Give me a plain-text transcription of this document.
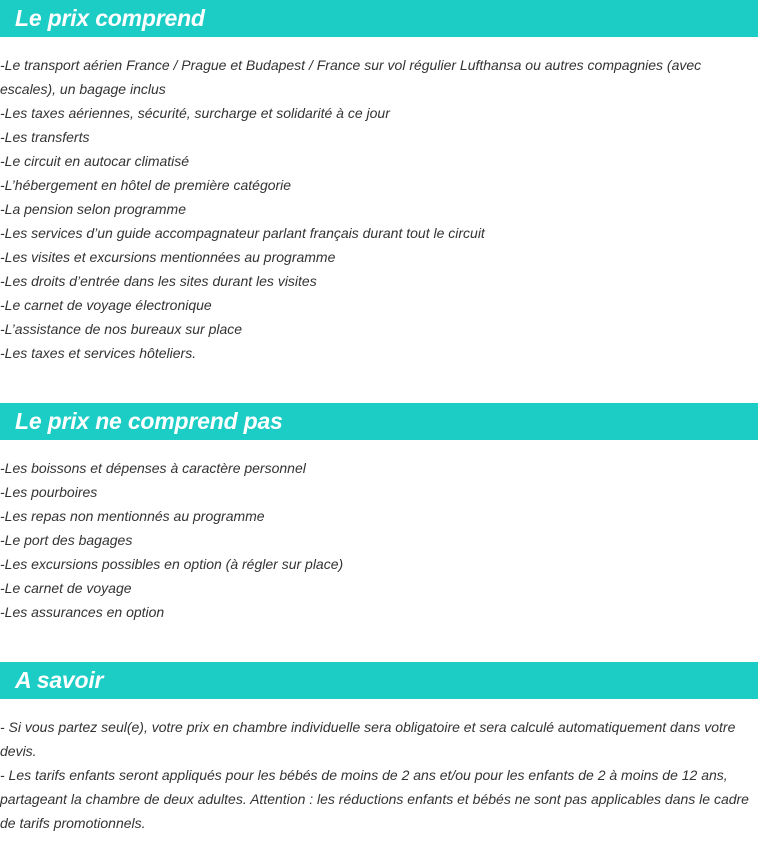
Le prix comprend
-Le transport aérien France / Prague et Budapest / France sur vol régulier Lufthansa ou autres compagnies (avec escales), un bagage inclus
-Les taxes aériennes, sécurité, surcharge et solidarité à ce jour
-Les transferts
-Le circuit en autocar climatisé
-L’hébergement en hôtel de première catégorie
-La pension selon programme
-Les services d’un guide accompagnateur parlant français durant tout le circuit
-Les visites et excursions mentionnées au programme
-Les droits d’entrée dans les sites durant les visites
-Le carnet de voyage électronique
-L’assistance de nos bureaux sur place
-Les taxes et services hôteliers.
Le prix ne comprend pas
-Les boissons et dépenses à caractère personnel
-Les pourboires
-Les repas non mentionnés au programme
-Le port des bagages
-Les excursions possibles en option (à régler sur place)
-Le carnet de voyage
-Les assurances en option
A savoir
- Si vous partez seul(e), votre prix en chambre individuelle sera obligatoire et sera calculé automatiquement dans votre devis.
- Les tarifs enfants seront appliqués pour les bébés de moins de 2 ans et/ou pour les enfants de 2 à moins de 12 ans, partageant la chambre de deux adultes. Attention : les réductions enfants et bébés ne sont pas applicables dans le cadre de tarifs promotionnels.
